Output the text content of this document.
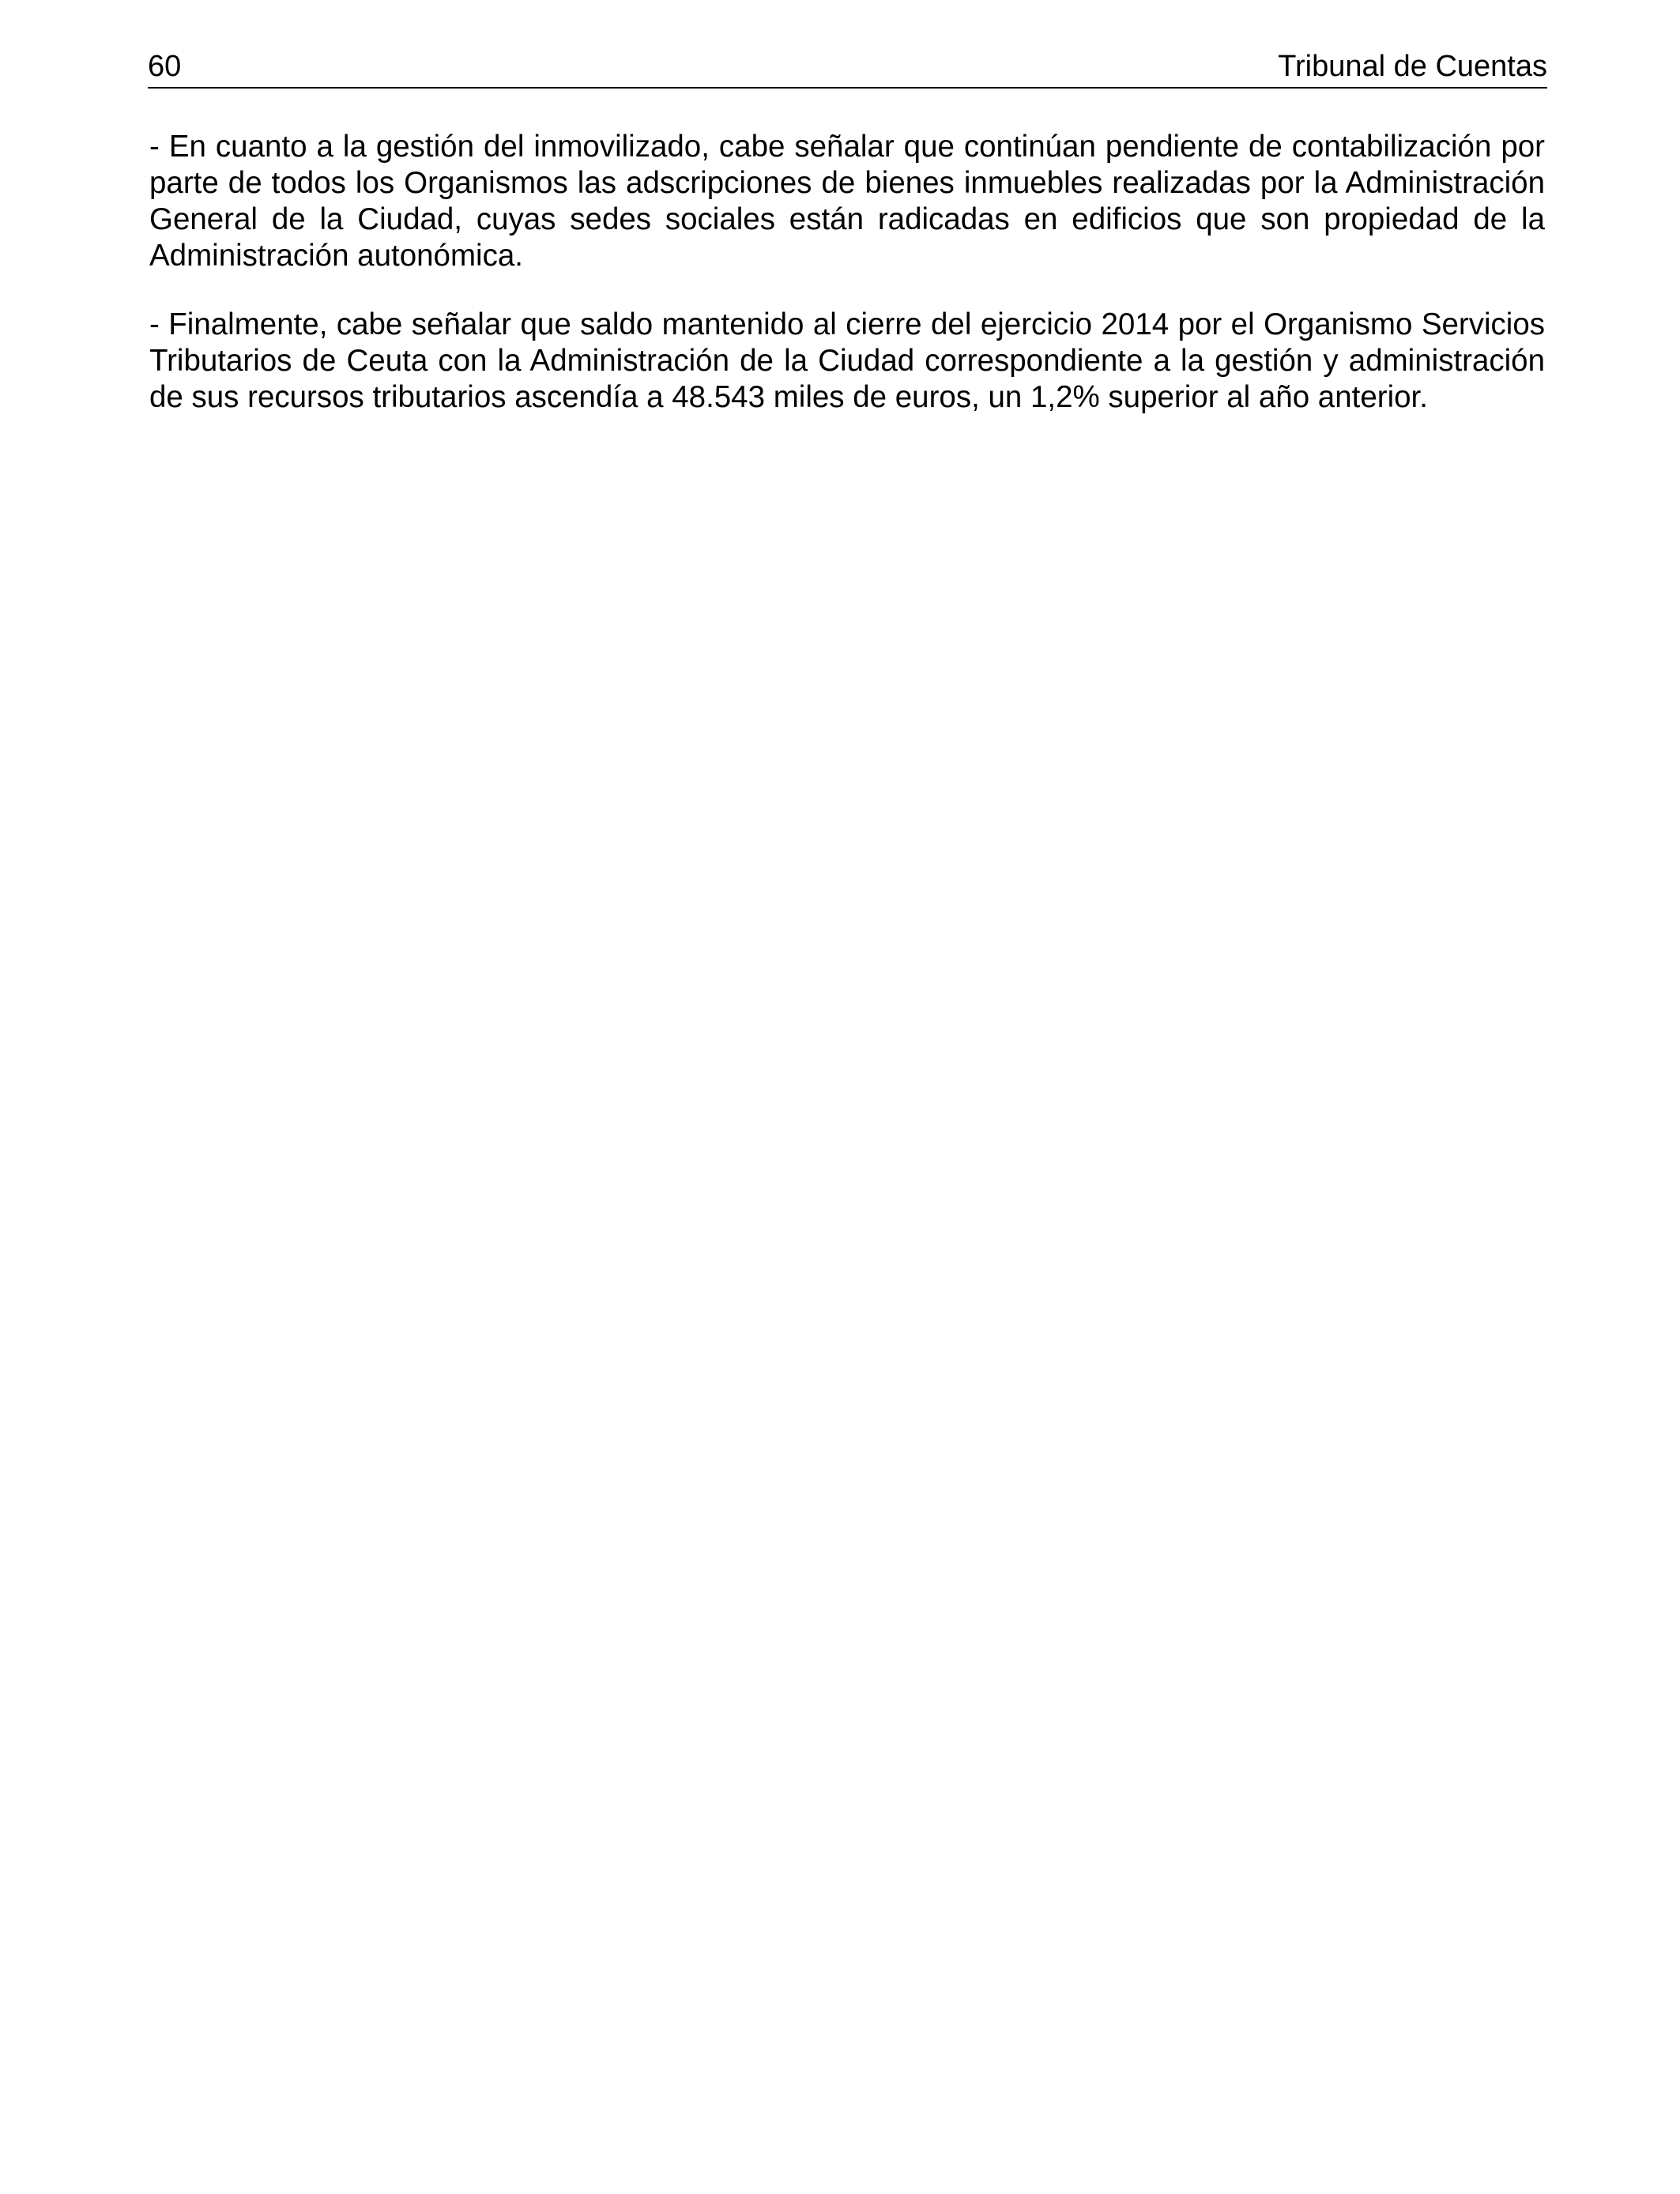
60	Tribunal de Cuentas

- En cuanto a la gestión del inmovilizado, cabe señalar que continúan pendiente de contabilización por parte de todos los Organismos las adscripciones de bienes inmuebles realizadas por la Administración General de la Ciudad, cuyas sedes sociales están radicadas en edificios que son propiedad de la Administración autonómica.

- Finalmente, cabe señalar que saldo mantenido al cierre del ejercicio 2014 por el Organismo Servicios Tributarios de Ceuta con la Administración de la Ciudad correspondiente a la gestión y administración de sus recursos tributarios ascendía a 48.543 miles de euros, un 1,2% superior al año anterior.
